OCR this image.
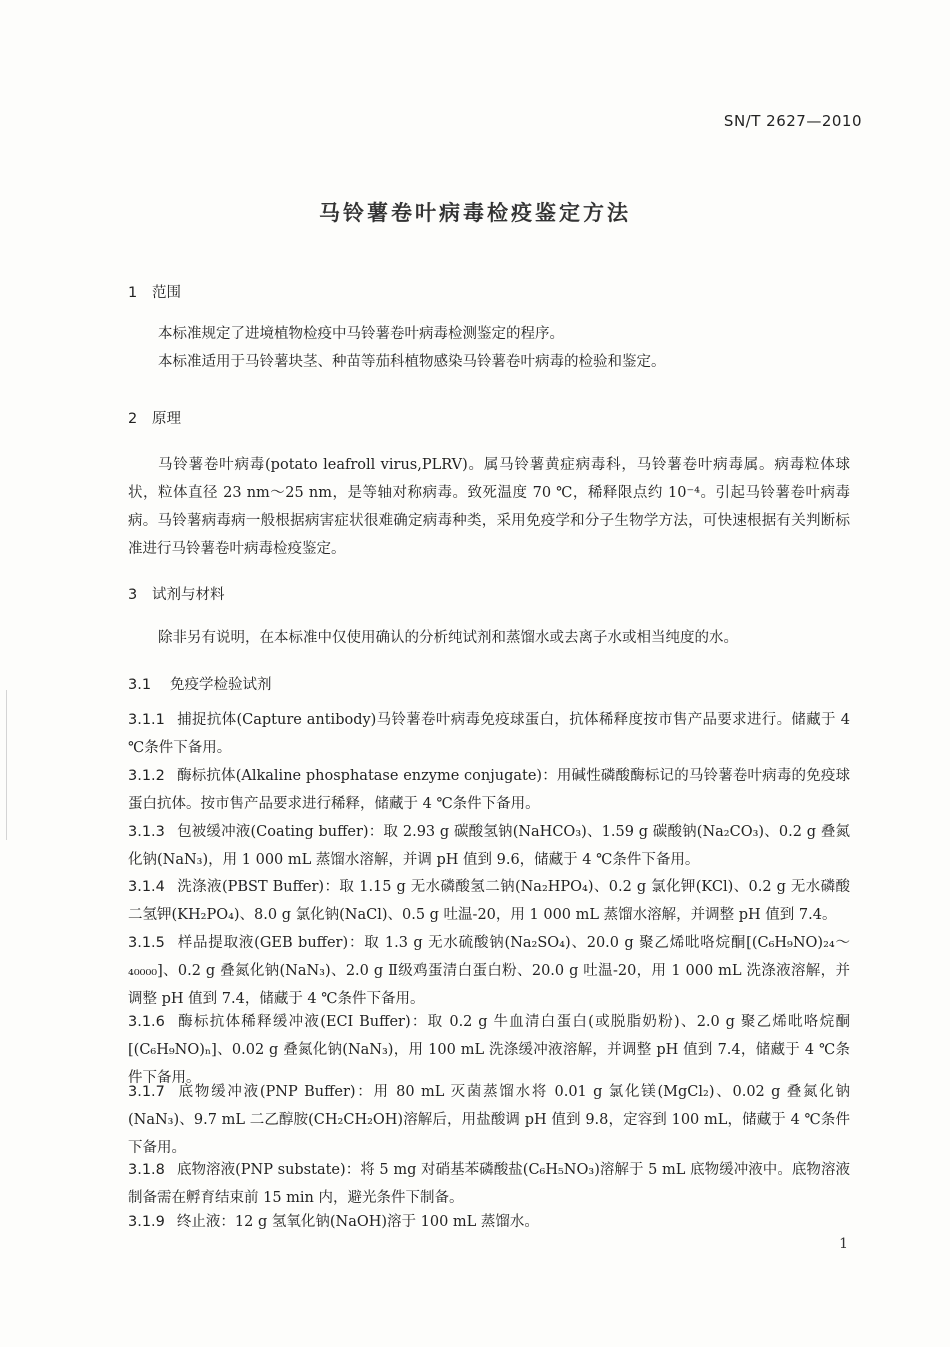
SN/T 2627—2010
马铃薯卷叶病毒检疫鉴定方法
1 范围
本标准规定了进境植物检疫中马铃薯卷叶病毒检测鉴定的程序。
本标准适用于马铃薯块茎、种苗等茄科植物感染马铃薯卷叶病毒的检验和鉴定。
2 原理
马铃薯卷叶病毒(potato leafroll virus,PLRV)。属马铃薯黄症病毒科，马铃薯卷叶病毒属。病毒粒体球状，粒体直径 23 nm～25 nm，是等轴对称病毒。致死温度 70 ℃，稀释限点约 10⁻⁴。引起马铃薯卷叶病毒病。马铃薯病毒病一般根据病害症状很难确定病毒种类，采用免疫学和分子生物学方法，可快速根据有关判断标准进行马铃薯卷叶病毒检疫鉴定。
3 试剂与材料
除非另有说明，在本标准中仅使用确认的分析纯试剂和蒸馏水或去离子水或相当纯度的水。
3.1 免疫学检验试剂
3.1.1 捕捉抗体(Capture antibody)马铃薯卷叶病毒免疫球蛋白，抗体稀释度按市售产品要求进行。储藏于 4 ℃条件下备用。
3.1.2 酶标抗体(Alkaline phosphatase enzyme conjugate)：用碱性磷酸酶标记的马铃薯卷叶病毒的免疫球蛋白抗体。按市售产品要求进行稀释，储藏于 4 ℃条件下备用。
3.1.3 包被缓冲液(Coating buffer)：取 2.93 g 碳酸氢钠(NaHCO₃)、1.59 g 碳酸钠(Na₂CO₃)、0.2 g 叠氮化钠(NaN₃)，用 1 000 mL 蒸馏水溶解，并调 pH 值到 9.6，储藏于 4 ℃条件下备用。
3.1.4 洗涤液(PBST Buffer)：取 1.15 g 无水磷酸氢二钠(Na₂HPO₄)、0.2 g 氯化钾(KCl)、0.2 g 无水磷酸二氢钾(KH₂PO₄)、8.0 g 氯化钠(NaCl)、0.5 g 吐温-20，用 1 000 mL 蒸馏水溶解，并调整 pH 值到 7.4。
3.1.5 样品提取液(GEB buffer)：取 1.3 g 无水硫酸钠(Na₂SO₄)、20.0 g 聚乙烯吡咯烷酮[(C₆H₉NO)₂₄～₄₀₀₀₀]、0.2 g 叠氮化钠(NaN₃)、2.0 g Ⅱ级鸡蛋清白蛋白粉、20.0 g 吐温-20，用 1 000 mL 洗涤液溶解，并调整 pH 值到 7.4，储藏于 4 ℃条件下备用。
3.1.6 酶标抗体稀释缓冲液(ECI Buffer)：取 0.2 g 牛血清白蛋白(或脱脂奶粉)、2.0 g 聚乙烯吡咯烷酮[(C₆H₉NO)ₙ]、0.02 g 叠氮化钠(NaN₃)，用 100 mL 洗涤缓冲液溶解，并调整 pH 值到 7.4，储藏于 4 ℃条件下备用。
3.1.7 底物缓冲液(PNP Buffer)：用 80 mL 灭菌蒸馏水将 0.01 g 氯化镁(MgCl₂)、0.02 g 叠氮化钠(NaN₃)、9.7 mL 二乙醇胺(CH₂CH₂OH)溶解后，用盐酸调 pH 值到 9.8，定容到 100 mL，储藏于 4 ℃条件下备用。
3.1.8 底物溶液(PNP substate)：将 5 mg 对硝基苯磷酸盐(C₆H₅NO₃)溶解于 5 mL 底物缓冲液中。底物溶液制备需在孵育结束前 15 min 内，避光条件下制备。
3.1.9 终止液：12 g 氢氧化钠(NaOH)溶于 100 mL 蒸馏水。
1
